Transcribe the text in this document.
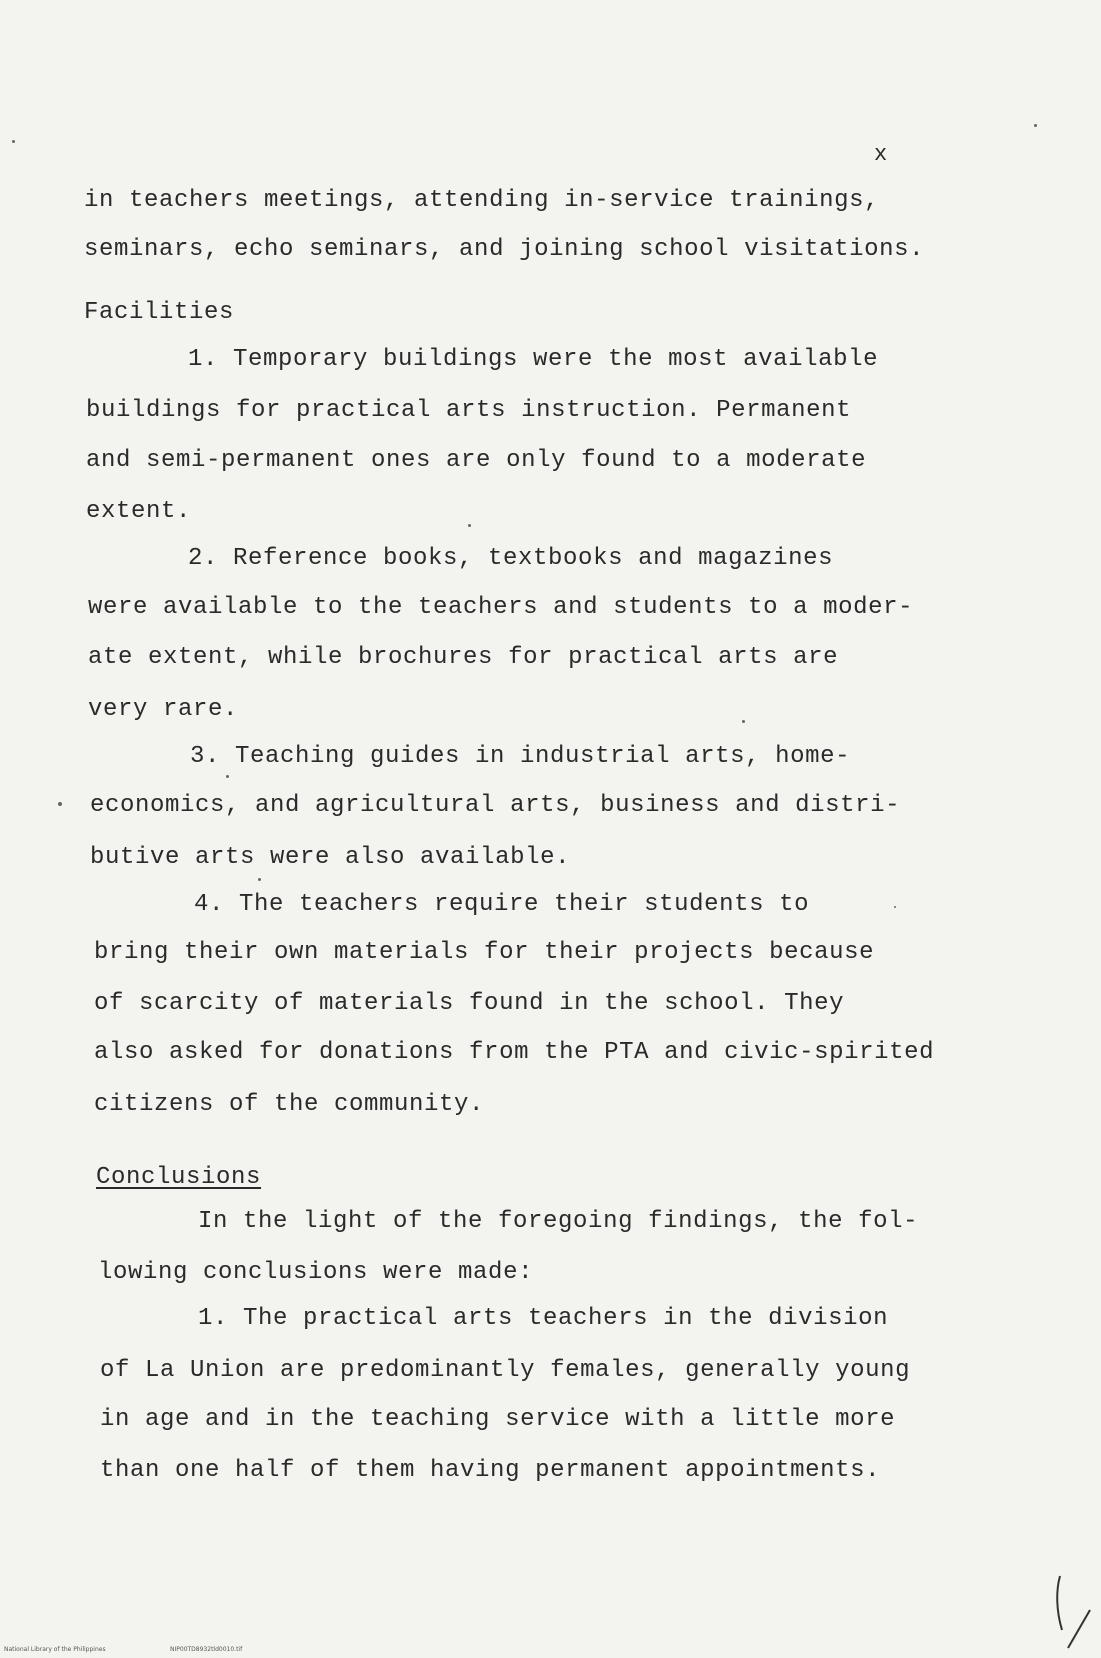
x
in teachers meetings, attending in-service trainings,
seminars, echo seminars, and joining school visitations.
Facilities
1. Temporary buildings were the most available
buildings for practical arts instruction. Permanent
and semi-permanent ones are only found to a moderate
extent.
2. Reference books, textbooks and magazines
were available to the teachers and students to a moder-
ate extent, while brochures for practical arts are
very rare.
3. Teaching guides in industrial arts, home-
economics, and agricultural arts, business and distri-
butive arts were also available.
4. The teachers require their students to
bring their own materials for their projects because
of scarcity of materials found in the school. They
also asked for donations from the PTA and civic-spirited
citizens of the community.
Conclusions
In the light of the foregoing findings, the fol-
lowing conclusions were made:
1. The practical arts teachers in the division
of La Union are predominantly females, generally young
in age and in the teaching service with a little more
than one half of them having permanent appointments.
National Library of the Philippines	NIP00TD8932tld0010.tif
